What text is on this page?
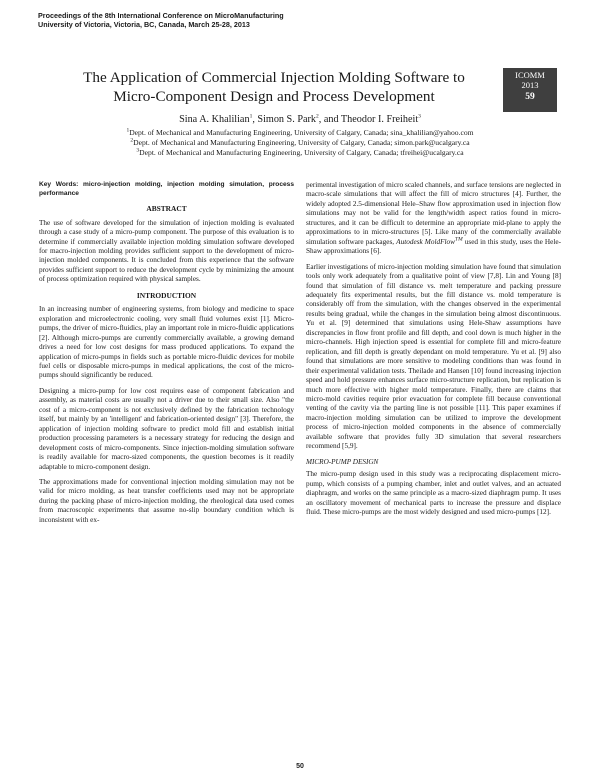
Proceedings of the 8th International Conference on MicroManufacturing
University of Victoria, Victoria, BC, Canada, March 25-28, 2013
The Application of Commercial Injection Molding Software to
Micro-Component Design and Process Development
ICOMM
2013
59
Sina A. Khalilian$^1$, Simon S. Park$^2$, and Theodor I. Freiheit$^3$
$^1$Dept. of Mechanical and Manufacturing Engineering, University of Calgary, Canada; sina_khalilian@yahoo.com
$^2$Dept. of Mechanical and Manufacturing Engineering, University of Calgary, Canada; simon.park@ucalgary.ca
$^3$Dept. of Mechanical and Manufacturing Engineering, University of Calgary, Canada; tfreihei@ucalgary.ca

Key Words: micro-injection molding, injection molding simulation, process performance

ABSTRACT

The use of software developed for the simulation of injection molding is evaluated through a case study of a micro-pump component. The purpose of this evaluation is to determine if commercially available injection molding simulation software developed for macro-injection molding provides sufficient support to the development of micro-injection molded components. It is concluded from this experience that the software provides sufficient support to reduce the development cycle by minimizing the amount of process optimization required with physical samples.

INTRODUCTION

In an increasing number of engineering systems, from biology and medicine to space exploration and microelectronic cooling, very small fluid volumes exist [1]. Micro-pumps, the driver of micro-fluidics, play an important role in micro-fluidic applications [2]. Although micro-pumps are currently commercially available, a growing demand drives a need for low cost designs for mass produced applications. To expand the application of micro-pumps in fields such as portable micro-fluidic devices for mobile fuel cells or disposable micro-pumps in medical applications, the cost of the micro-pumps should significantly be reduced.

Designing a micro-pump for low cost requires ease of component fabrication and assembly, as material costs are usually not a driver due to their small size. Also "the cost of a micro-component is not exclusively defined by the fabrication technology itself, but mainly by an 'intelligent' and fabrication-oriented design" [3]. Therefore, the application of injection molding software to predict mold fill and establish initial production processing parameters is a necessary strategy for reducing the design and development costs of micro-components. Since injection-molding simulation software is readily available for macro-sized components, the question becomes is it readily adaptable to micro-component design.

The approximations made for conventional injection molding simulation may not be valid for micro molding, as heat transfer coefficients used may not be appropriate during the packing phase of micro-injection molding, the rheological data used comes from macroscopic experiments that assume no-slip boundary condition which is inconsistent with ex-

perimental investigation of micro scaled channels, and surface tensions are neglected in macro-scale simulations that will affect the fill of micro structures [4]. Further, the widely adopted 2.5-dimensional Hele–Shaw flow approximation used in injection flow simulations may not be valid for the length/width aspect ratios found in micro-structures, and it can be difficult to determine an appropriate mid-plane to apply the approximations to in micro-structures [5]. Like many of the commercially available simulation software packages, Autodesk MoldFlow™ used in this study, uses the Hele-Shaw approximations [6].

Earlier investigations of micro-injection molding simulation have found that simulation tools only work adequately from a qualitative point of view [7,8]. Lin and Young [8] found that simulation of fill distance vs. melt temperature and packing pressure adequately fits experimental results, but the fill distance vs. mold temperature is considerably off from the simulation, with the changes observed in the experimental results being gradual, while the changes in the simulation being almost discontinuous. Yu et al. [9] determined that simulations using Hele-Shaw assumptions have discrepancies in flow front profile and fill depth, and cool down is much higher in the micro-channels. High injection speed is essential for complete fill and micro-feature replication, and fill depth is greatly dependant on mold temperature. Yu et al. [9] also found that simulations are more sensitive to modeling conditions than was found in their experimental validation tests. Theilade and Hansen [10] found increasing injection speed and hold pressure enhances surface micro-structure replication, but replication is much more effective with higher mold temperature. Finally, there are claims that micro-mold cavities require prior evacuation for complete fill because conventional venting of the cavity via the parting line is not possible [11]. This paper examines if macro-injection molding simulation can be utilized to improve the development process of micro-injection molded components in the absence of commercially available software that provides fully 3D simulation that several researchers recommend [5,9].

MICRO-PUMP DESIGN

The micro-pump design used in this study was a reciprocating displacement micro-pump, which consists of a pumping chamber, inlet and outlet valves, and an actuated diaphragm, and works on the same principle as a macro-sized diaphragm pump. It uses an oscillatory movement of mechanical parts to increase the pressure and displace fluid. These micro-pumps are the most widely designed and used micro-pumps [12].

50
